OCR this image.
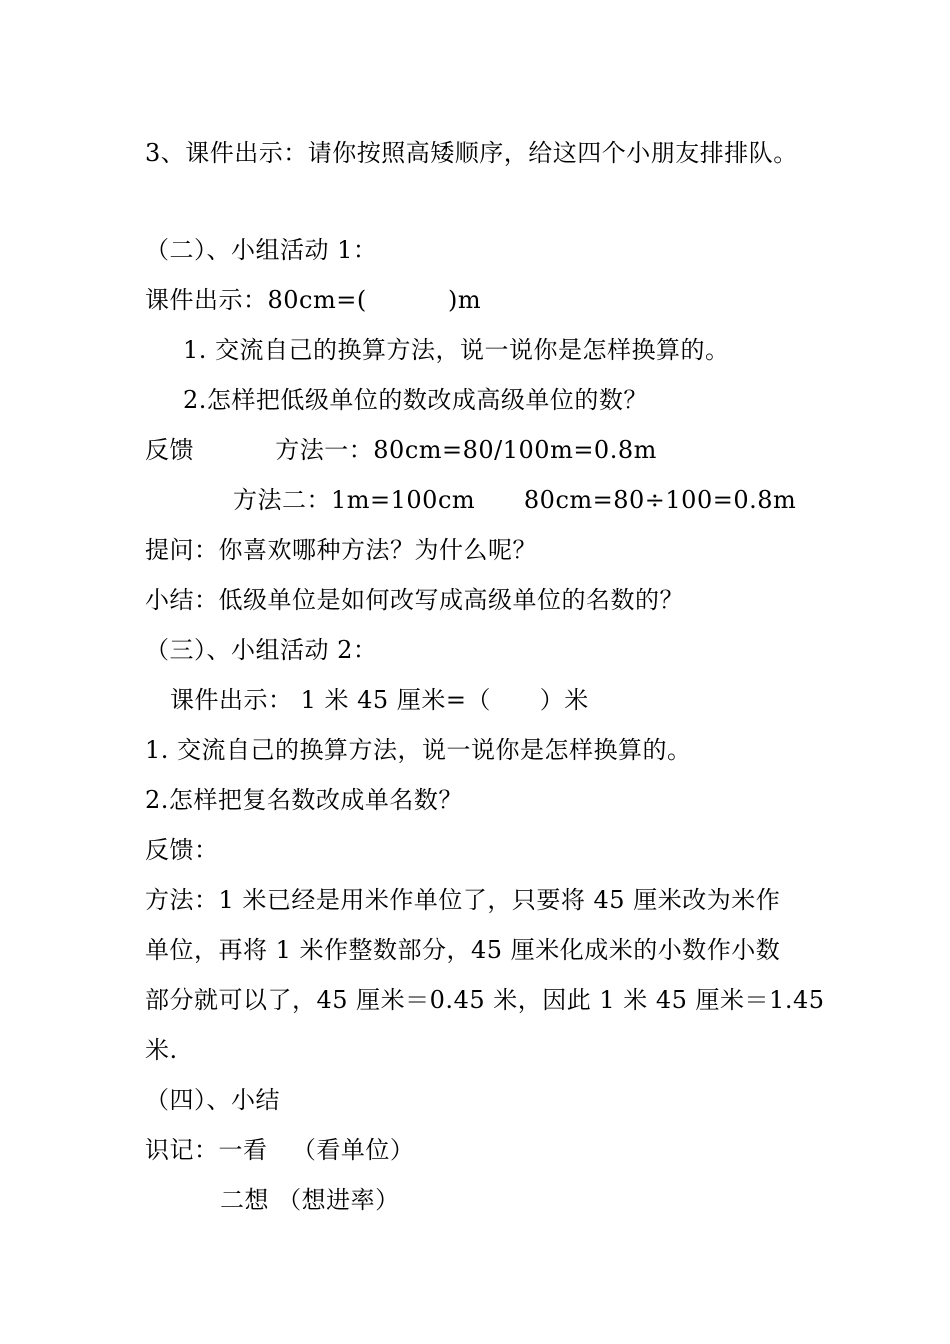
3、课件出示：请你按照高矮顺序，给这四个小朋友排排队。
（二）、小组活动 1：
课件出示：80cm=(          )m
1. 交流自己的换算方法，说一说你是怎样换算的。
2.怎样把低级单位的数改成高级单位的数？
反馈          方法一：80cm=80/100m=0.8m
方法二：1m=100cm      80cm=80÷100=0.8m
提问：你喜欢哪种方法？为什么呢？
小结：低级单位是如何改写成高级单位的名数的？
（三）、小组活动 2：
课件出示： 1 米 45 厘米=（      ）米
1. 交流自己的换算方法，说一说你是怎样换算的。
2.怎样把复名数改成单名数？
反馈：
方法：1 米已经是用米作单位了，只要将 45 厘米改为米作
单位，再将 1 米作整数部分，45 厘米化成米的小数作小数
部分就可以了，45 厘米＝0.45 米，因此 1 米 45 厘米＝1.45
米.
（四）、小结
识记：一看   （看单位）
二想 （想进率）
